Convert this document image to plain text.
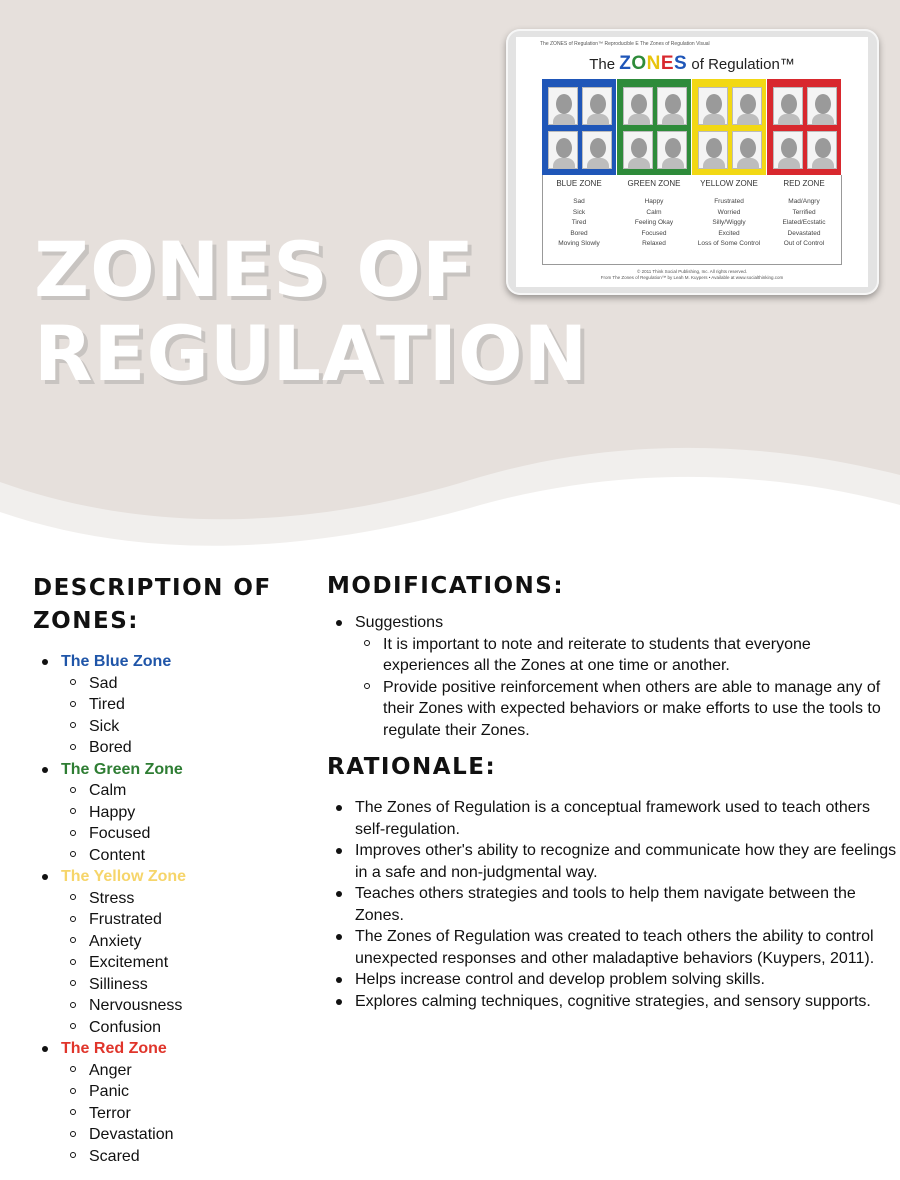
ZONES OF
REGULATION
The ZONES of Regulation™ Reproducible E The Zones of Regulation Visual
The ZONES of Regulation™
BLUE ZONE
Sad
Sick
Tired
Bored
Moving Slowly
GREEN ZONE
Happy
Calm
Feeling Okay
Focused
Relaxed
YELLOW ZONE
Frustrated
Worried
Silly/Wiggly
Excited
Loss of Some Control
RED ZONE
Mad/Angry
Terrified
Elated/Ecstatic
Devastated
Out of Control
© 2011 Think Social Publishing, Inc. All rights reserved.
From The Zones of Regulation™ by Leah M. Kuypers • Available at www.socialthinking.com
DESCRIPTION OF
ZONES:
The Blue Zone
Sad
Tired
Sick
Bored
The Green Zone
Calm
Happy
Focused
Content
The Yellow Zone
Stress
Frustrated
Anxiety
Excitement
Silliness
Nervousness
Confusion
The Red Zone
Anger
Panic
Terror
Devastation
Scared
MODIFICATIONS:
Suggestions
It is important to note and reiterate to students that everyone experiences all the Zones at one time or another.
Provide positive reinforcement when others are able to manage any of their Zones with expected behaviors or make efforts to use the tools to regulate their Zones.
RATIONALE:
The Zones of Regulation is a conceptual framework used to teach others self-regulation.
Improves other's ability to recognize and communicate how they are feelings in a safe and non-judgmental way.
Teaches others strategies and tools to help them navigate between the Zones.
The Zones of Regulation was created to teach others the ability to control unexpected responses and other maladaptive behaviors (Kuypers, 2011).
Helps increase control and develop problem solving skills.
Explores calming techniques, cognitive strategies, and sensory supports.
